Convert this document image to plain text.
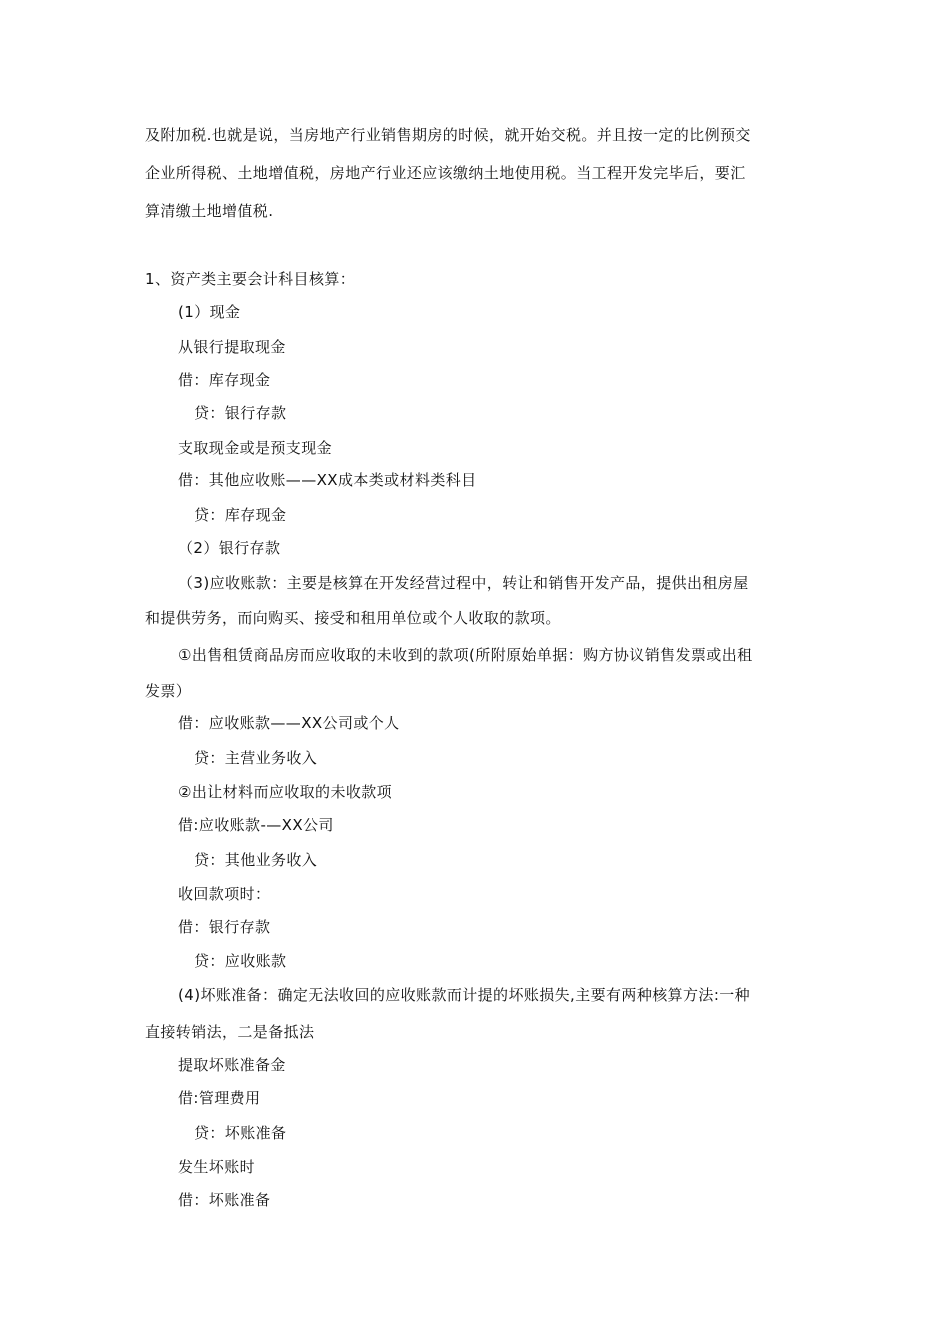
及附加税.也就是说，当房地产行业销售期房的时候，就开始交税。并且按一定的比例预交
企业所得税、土地增值税，房地产行业还应该缴纳土地使用税。当工程开发完毕后，要汇
算清缴土地增值税.
1、资产类主要会计科目核算：
(1）现金
从银行提取现金
借：库存现金
贷：银行存款
支取现金或是预支现金
借：其他应收账——XX成本类或材料类科目
贷：库存现金
（2）银行存款
（3)应收账款：主要是核算在开发经营过程中，转让和销售开发产品，提供出租房屋
和提供劳务，而向购买、接受和租用单位或个人收取的款项。
①出售租赁商品房而应收取的未收到的款项(所附原始单据：购方协议销售发票或出租
发票）
借：应收账款——XX公司或个人
贷：主营业务收入
②出让材料而应收取的未收款项
借:应收账款-—XX公司
贷：其他业务收入
收回款项时：
借：银行存款
贷：应收账款
(4)坏账准备：确定无法收回的应收账款而计提的坏账损失,主要有两种核算方法:一种
直接转销法，二是备抵法
提取坏账准备金
借:管理费用
贷：坏账准备
发生坏账时
借：坏账准备
